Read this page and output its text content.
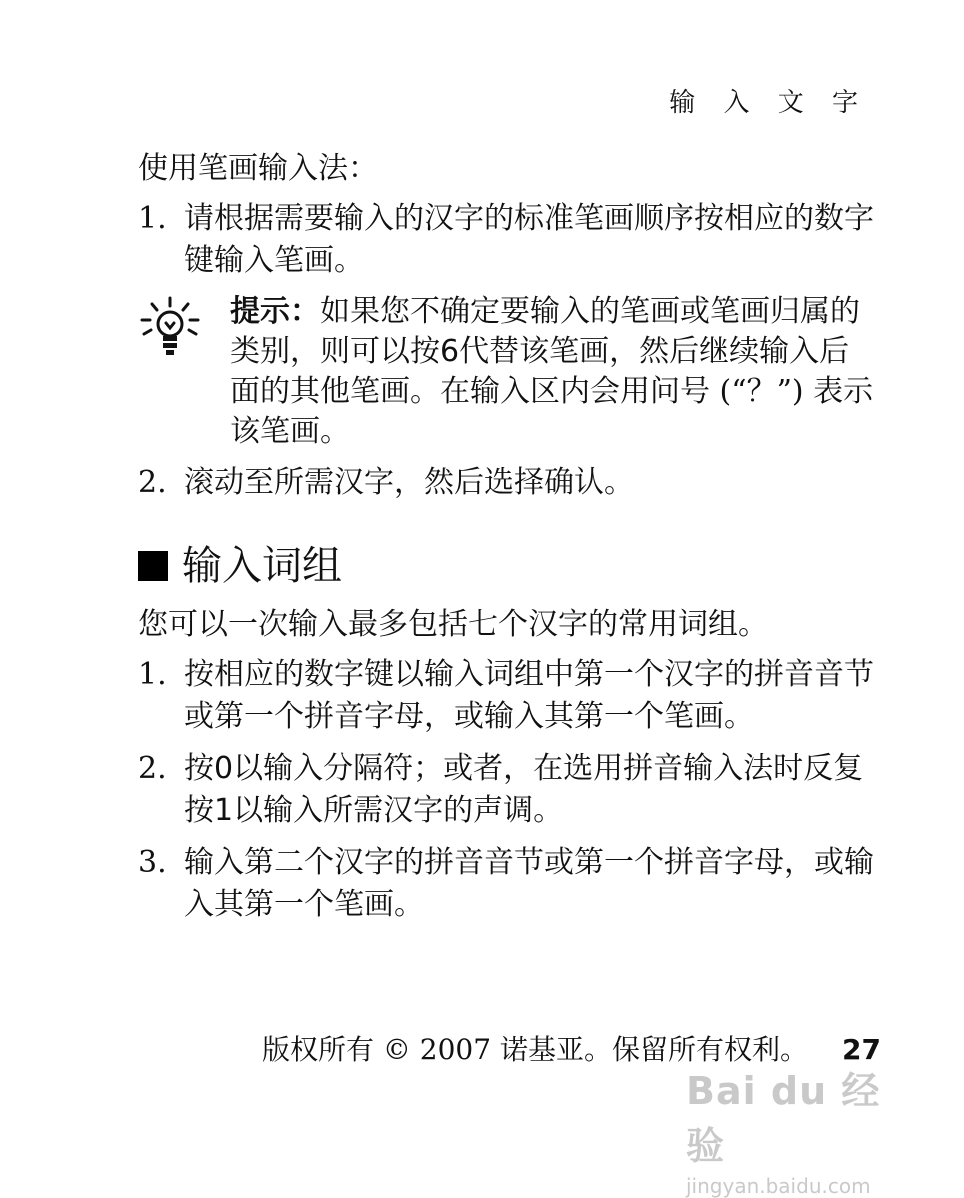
输 入 文 字

使用笔画输入法：

1. 请根据需要输入的汉字的标准笔画顺序按相应的数字键输入笔画。
提示：如果您不确定要输入的笔画或笔画归属的类别，则可以按6代替该笔画，然后继续输入后面的其他笔画。在输入区内会用问号 (“？”) 表示该笔画。
2. 滚动至所需汉字，然后选择确认。
输入词组

您可以一次输入最多包括七个汉字的常用词组。

1. 按相应的数字键以输入词组中第一个汉字的拼音音节或第一个拼音字母，或输入其第一个笔画。
2. 按0以输入分隔符；或者，在选用拼音输入法时反复按1以输入所需汉字的声调。
3. 输入第二个汉字的拼音音节或第一个拼音字母，或输入其第一个笔画。
版权所有 © 2007 诺基亚。保留所有权利。 27
Bai du 经验
jingyan.baidu.com
